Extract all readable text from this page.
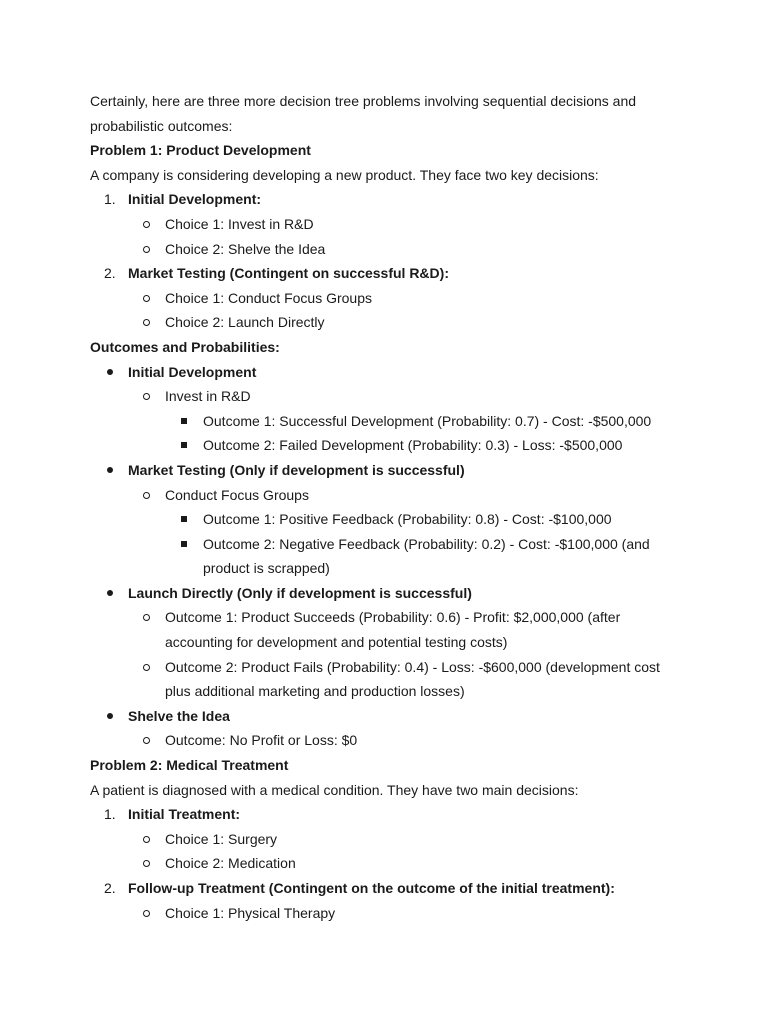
Certainly, here are three more decision tree problems involving sequential decisions and
probabilistic outcomes:
Problem 1: Product Development
A company is considering developing a new product. They face two key decisions:
1. Initial Development:
Choice 1: Invest in R&D
Choice 2: Shelve the Idea
2. Market Testing (Contingent on successful R&D):
Choice 1: Conduct Focus Groups
Choice 2: Launch Directly
Outcomes and Probabilities:
Initial Development
Invest in R&D
Outcome 1: Successful Development (Probability: 0.7) - Cost: -$500,000
Outcome 2: Failed Development (Probability: 0.3) - Loss: -$500,000
Market Testing (Only if development is successful)
Conduct Focus Groups
Outcome 1: Positive Feedback (Probability: 0.8) - Cost: -$100,000
Outcome 2: Negative Feedback (Probability: 0.2) - Cost: -$100,000 (and
product is scrapped)
Launch Directly (Only if development is successful)
Outcome 1: Product Succeeds (Probability: 0.6) - Profit: $2,000,000 (after
accounting for development and potential testing costs)
Outcome 2: Product Fails (Probability: 0.4) - Loss: -$600,000 (development cost
plus additional marketing and production losses)
Shelve the Idea
Outcome: No Profit or Loss: $0
Problem 2: Medical Treatment
A patient is diagnosed with a medical condition. They have two main decisions:
1. Initial Treatment:
Choice 1: Surgery
Choice 2: Medication
2. Follow-up Treatment (Contingent on the outcome of the initial treatment):
Choice 1: Physical Therapy
